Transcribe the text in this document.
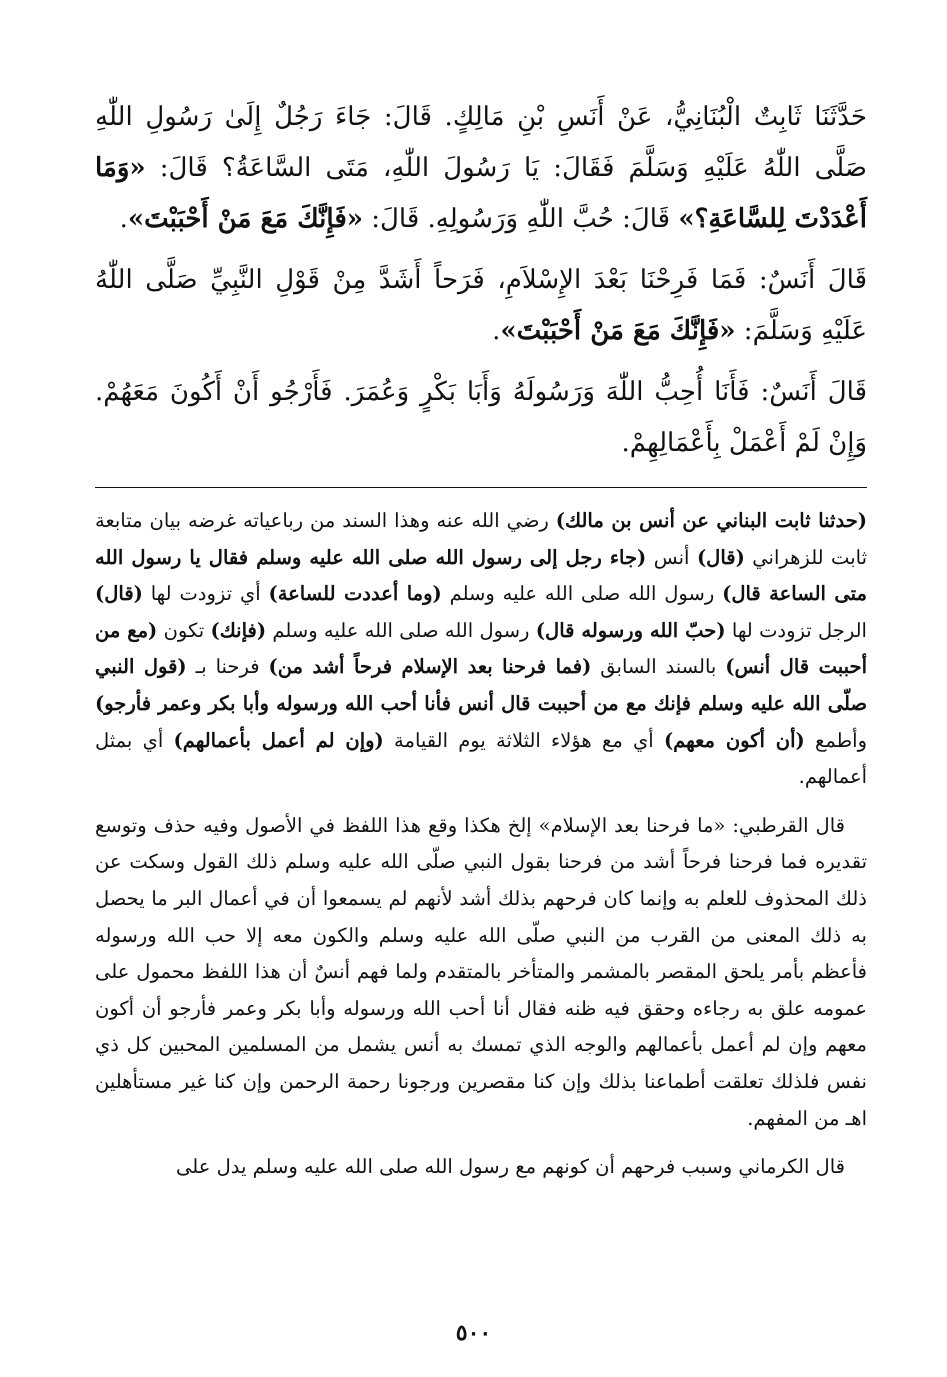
حَدَّثَنَا ثَابِتٌ الْبُنَانِيُّ، عَنْ أَنَسِ بْنِ مَالِكٍ. قَالَ: جَاءَ رَجُلٌ إِلَىٰ رَسُولِ اللّٰهِ صَلَّى اللّٰهُ عَلَيْهِ وَسَلَّمَ فَقَالَ: يَا رَسُولَ اللّٰهِ، مَتَى السَّاعَةُ؟ قَالَ: «وَمَا أَعْدَدْتَ لِلسَّاعَةِ؟» قَالَ: حُبَّ اللّٰهِ وَرَسُولِهِ. قَالَ: «فَإِنَّكَ مَعَ مَنْ أَحْبَبْتَ».

قَالَ أَنَسٌ: فَمَا فَرِحْنَا بَعْدَ الإِسْلاَمِ، فَرَحاً أَشَدَّ مِنْ قَوْلِ النَّبِيِّ صَلَّى اللّٰهُ عَلَيْهِ وَسَلَّمَ: «فَإِنَّكَ مَعَ مَنْ أَحْبَبْتَ».

قَالَ أَنَسٌ: فَأَنَا أُحِبُّ اللّٰهَ وَرَسُولَهُ وَأَبَا بَكْرٍ وَعُمَرَ. فَأَرْجُو أَنْ أَكُونَ مَعَهُمْ. وَإِنْ لَمْ أَعْمَلْ بِأَعْمَالِهِمْ.

(حدثنا ثابت البناني عن أنس بن مالك) رضي الله عنه وهذا السند من رباعياته غرضه بيان متابعة ثابت للزهراني (قال) أنس (جاء رجل إلى رسول الله صلى الله عليه وسلم فقال يا رسول الله متى الساعة قال) رسول الله صلى الله عليه وسلم (وما أعددت للساعة) أي تزودت لها (قال) الرجل تزودت لها (حبّ الله ورسوله قال) رسول الله صلى الله عليه وسلم (فإنك) تكون (مع من أحببت قال أنس) بالسند السابق (فما فرحنا بعد الإسلام فرحاً أشد من) فرحنا بـ (قول النبي صلّى الله عليه وسلم فإنك مع من أحببت قال أنس فأنا أحب الله ورسوله وأبا بكر وعمر فأرجو) وأطمع (أن أكون معهم) أي مع هؤلاء الثلاثة يوم القيامة (وإن لم أعمل بأعمالهم) أي بمثل أعمالهم.

قال القرطبي: «ما فرحنا بعد الإسلام» إلخ هكذا وقع هذا اللفظ في الأصول وفيه حذف وتوسع تقديره فما فرحنا فرحاً أشد من فرحنا بقول النبي صلّى الله عليه وسلم ذلك القول وسكت عن ذلك المحذوف للعلم به وإنما كان فرحهم بذلك أشد لأنهم لم يسمعوا أن في أعمال البر ما يحصل به ذلك المعنى من القرب من النبي صلّى الله عليه وسلم والكون معه إلا حب الله ورسوله فأعظم بأمر يلحق المقصر بالمشمر والمتأخر بالمتقدم ولما فهم أنسٌ أن هذا اللفظ محمول على عمومه علق به رجاءه وحقق فيه ظنه فقال أنا أحب الله ورسوله وأبا بكر وعمر فأرجو أن أكون معهم وإن لم أعمل بأعمالهم والوجه الذي تمسك به أنس يشمل من المسلمين المحبين كل ذي نفس فلذلك تعلقت أطماعنا بذلك وإن كنا مقصرين ورجونا رحمة الرحمن وإن كنا غير مستأهلين اهـ من المفهم.

قال الكرماني وسبب فرحهم أن كونهم مع رسول الله صلى الله عليه وسلم يدل على

٥٠٠
